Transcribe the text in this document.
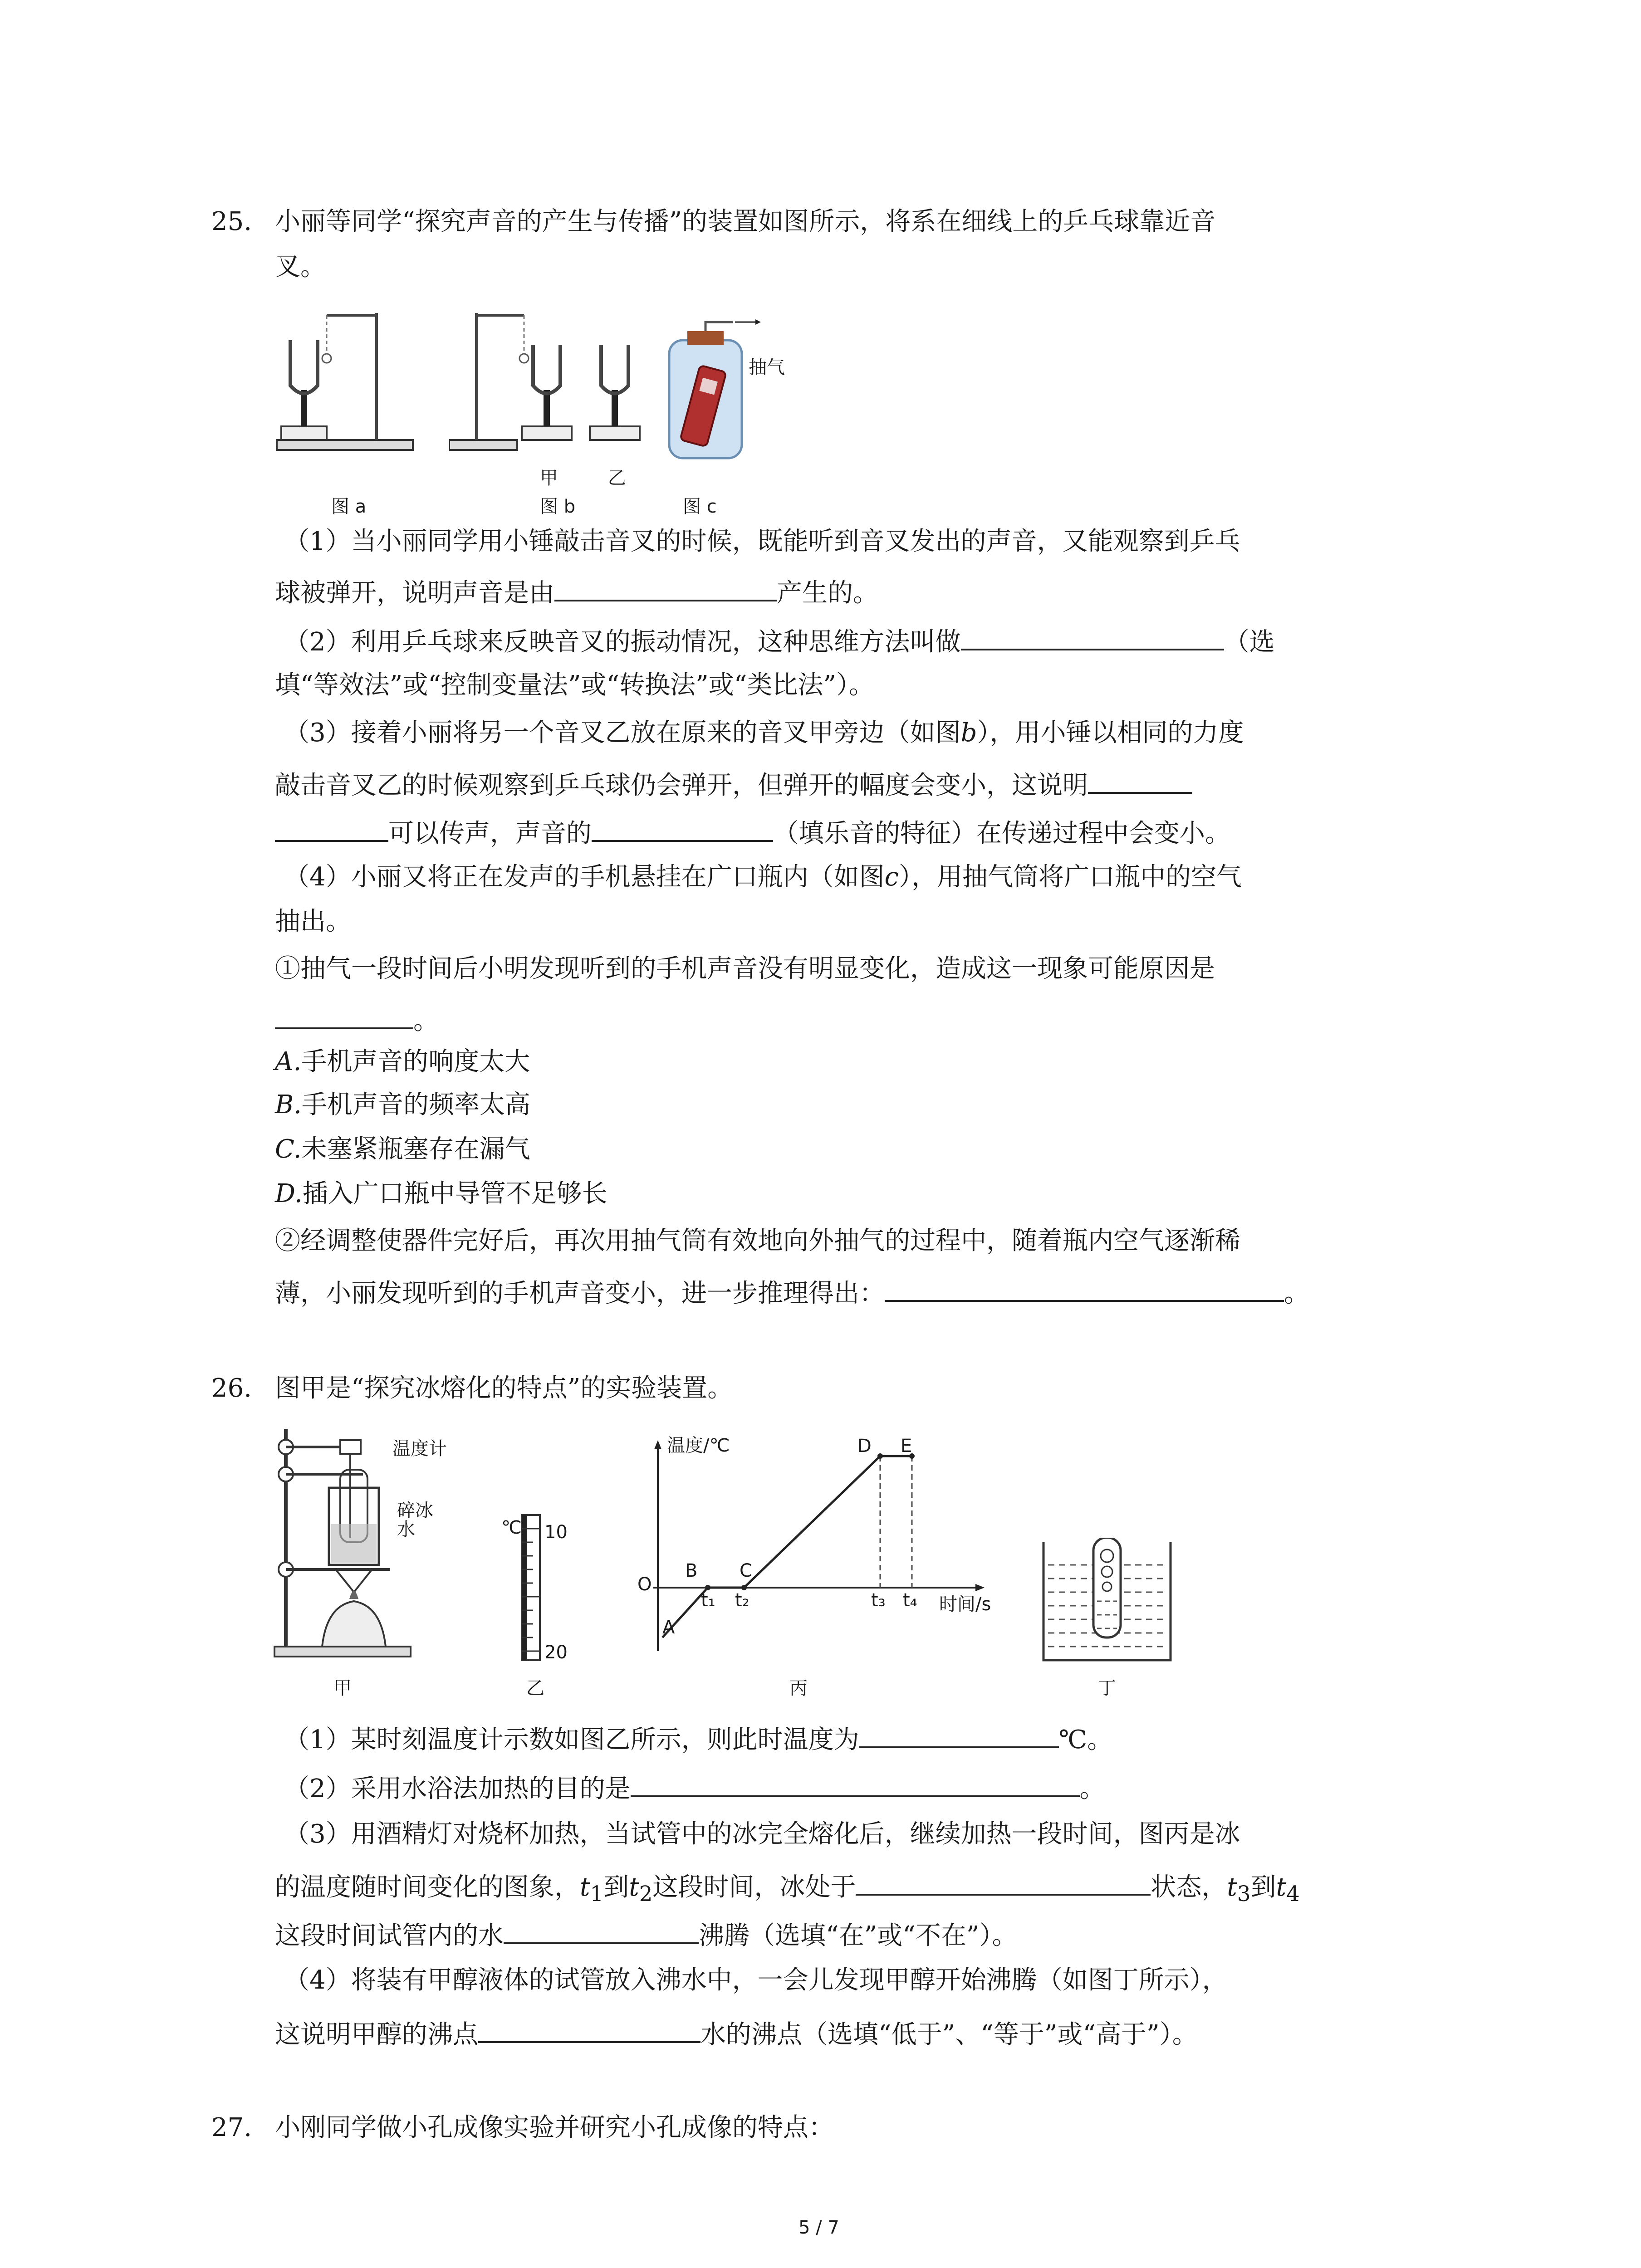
25. 小丽等同学“探究声音的产生与传播”的装置如图所示，将系在细线上的乒乓球靠近音
叉。
图 a
甲	乙
图 b
抽气
图 c
（1）当小丽同学用小锤敲击音叉的时候，既能听到音叉发出的声音，又能观察到乒乓
球被弹开，说明声音是由	产生的。
（2）利用乒乓球来反映音叉的振动情况，这种思维方法叫做	（选
填“等效法”或“控制变量法”或“转换法”或“类比法”）。
（3）接着小丽将另一个音叉乙放在原来的音叉甲旁边（如图b），用小锤以相同的力度
敲击音叉乙的时候观察到乒乓球仍会弹开，但弹开的幅度会变小，这说明
可以传声，声音的	（填乐音的特征）在传递过程中会变小。
（4）小丽又将正在发声的手机悬挂在广口瓶内（如图c），用抽气筒将广口瓶中的空气
抽出。
①抽气一段时间后小明发现听到的手机声音没有明显变化，造成这一现象可能原因是
。
A.手机声音的响度太大
B.手机声音的频率太高
C.未塞紧瓶塞存在漏气
D.插入广口瓶中导管不足够长
②经调整使器件完好后，再次用抽气筒有效地向外抽气的过程中，随着瓶内空气逐渐稀
薄，小丽发现听到的手机声音变小，进一步推理得出：	。
26. 图甲是“探究冰熔化的特点”的实验装置。
温度计
碎冰
水
甲
℃ 10
20
乙
温度/℃
时间/s
O
A
B C
D E
t₁ t₂	t₃ t₄
丙	丁
（1）某时刻温度计示数如图乙所示，则此时温度为	℃。
（2）采用水浴法加热的目的是	。
（3）用酒精灯对烧杯加热，当试管中的冰完全熔化后，继续加热一段时间，图丙是冰
的温度随时间变化的图象，$t_1$到$t_2$这段时间，冰处于	状态，$t_3$到$t_4$
这段时间试管内的水	沸腾（选填“在”或“不在”）。
（4）将装有甲醇液体的试管放入沸水中，一会儿发现甲醇开始沸腾（如图丁所示），
这说明甲醇的沸点	水的沸点（选填“低于”、“等于”或“高于”）。
27. 小刚同学做小孔成像实验并研究小孔成像的特点：
5 / 7
